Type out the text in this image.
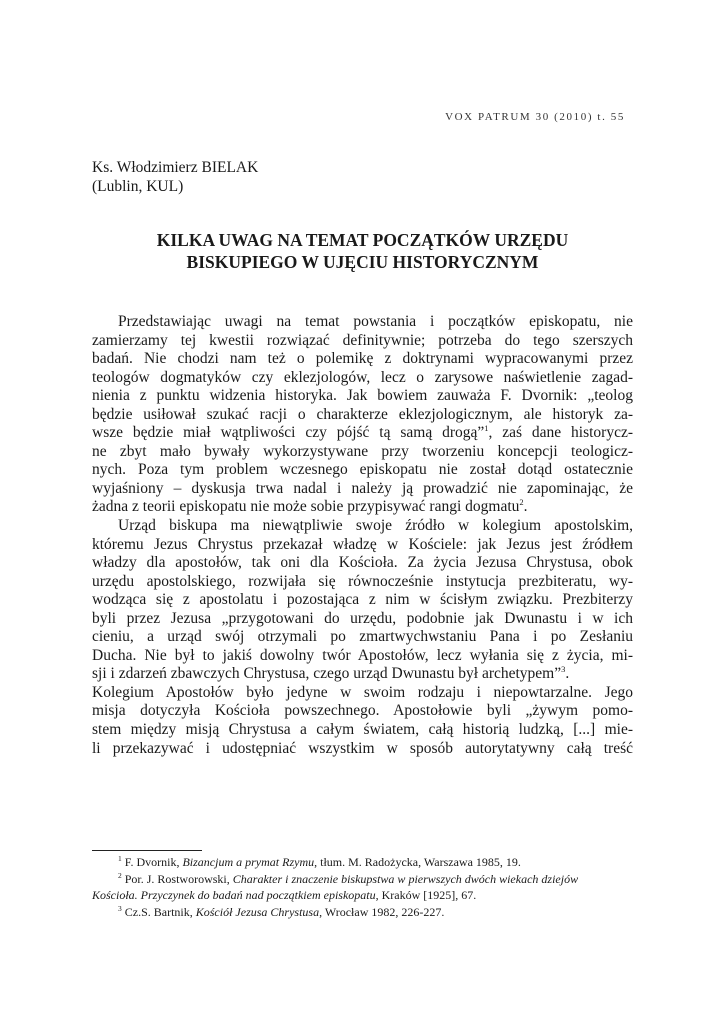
VOX PATRUM 30 (2010) t. 55
Ks. Włodzimierz BIELAK
(Lublin, KUL)
KILKA UWAG NA TEMAT POCZĄTKÓW URZĘDU
BISKUPIEGO W UJĘCIU HISTORYCZNYM
Przedstawiając uwagi na temat powstania i początków episkopatu, nie
zamierzamy tej kwestii rozwiązać definitywnie; potrzeba do tego szerszych
badań. Nie chodzi nam też o polemikę z doktrynami wypracowanymi przez
teologów dogmatyków czy eklezjologów, lecz o zarysowe naświetlenie zagad-
nienia z punktu widzenia historyka. Jak bowiem zauważa F. Dvornik: „teolog
będzie usiłował szukać racji o charakterze eklezjologicznym, ale historyk za-
wsze będzie miał wątpliwości czy pójść tą samą drogą”$^1$, zaś dane historycz-
ne zbyt mało bywały wykorzystywane przy tworzeniu koncepcji teologicz-
nych. Poza tym problem wczesnego episkopatu nie został dotąd ostatecznie
wyjaśniony – dyskusja trwa nadal i należy ją prowadzić nie zapominając, że
żadna z teorii episkopatu nie może sobie przypisywać rangi dogmatu$^2$.
Urząd biskupa ma niewątpliwie swoje źródło w kolegium apostolskim,
któremu Jezus Chrystus przekazał władzę w Kościele: jak Jezus jest źródłem
władzy dla apostołów, tak oni dla Kościoła. Za życia Jezusa Chrystusa, obok
urzędu apostolskiego, rozwijała się równocześnie instytucja prezbiteratu, wy-
wodząca się z apostolatu i pozostająca z nim w ścisłym związku. Prezbiterzy
byli przez Jezusa „przygotowani do urzędu, podobnie jak Dwunastu i w ich
cieniu, a urząd swój otrzymali po zmartwychwstaniu Pana i po Zesłaniu
Ducha. Nie był to jakiś dowolny twór Apostołów, lecz wyłania się z życia, mi-
sji i zdarzeń zbawczych Chrystusa, czego urząd Dwunastu był archetypem”$^3$.
Kolegium Apostołów było jedyne w swoim rodzaju i niepowtarzalne. Jego
misja dotyczyła Kościoła powszechnego. Apostołowie byli „żywym pomo-
stem między misją Chrystusa a całym światem, całą historią ludzką, [...] mie-
li przekazywać i udostępniać wszystkim w sposób autorytatywny całą treść
$^1$ F. Dvornik, Bizancjum a prymat Rzymu, tłum. M. Radożycka, Warszawa 1985, 19.
$^2$ Por. J. Rostworowski, Charakter i znaczenie biskupstwa w pierwszych dwóch wiekach dziejów
Kościoła. Przyczynek do badań nad początkiem episkopatu, Kraków [1925], 67.
$^3$ Cz.S. Bartnik, Kościół Jezusa Chrystusa, Wrocław 1982, 226-227.
